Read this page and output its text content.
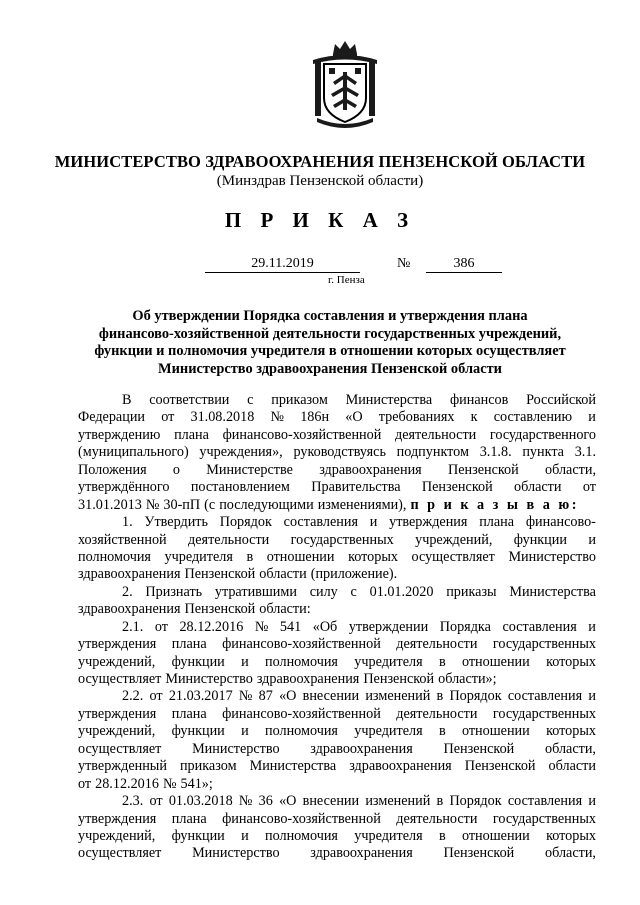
МИНИСТЕРСТВО ЗДРАВООХРАНЕНИЯ ПЕНЗЕНСКОЙ ОБЛАСТИ
(Минздрав Пензенской области)
П Р И К А З
29.11.2019	№	386
г. Пенза
Об утверждении Порядка составления и утверждения плана
финансово-хозяйственной деятельности государственных учреждений,
функции и полномочия учредителя в отношении которых осуществляет
Министерство здравоохранения Пензенской области
В соответствии с приказом Министерства финансов Российской
Федерации от 31.08.2018 № 186н «О требованиях к составлению и
утверждению плана финансово-хозяйственной деятельности государственного
(муниципального) учреждения», руководствуясь подпунктом 3.1.8. пункта 3.1.
Положения о Министерстве здравоохранения Пензенской области,
утверждённого постановлением Правительства Пензенской области от
31.01.2013 № 30-пП (с последующими изменениями), п р и к а з ы в а ю:
1. Утвердить Порядок составления и утверждения плана финансово-
хозяйственной деятельности государственных учреждений, функции и
полномочия учредителя в отношении которых осуществляет Министерство
здравоохранения Пензенской области (приложение).
2. Признать утратившими силу с 01.01.2020 приказы Министерства
здравоохранения Пензенской области:
2.1. от 28.12.2016 № 541 «Об утверждении Порядка составления и
утверждения плана финансово-хозяйственной деятельности государственных
учреждений, функции и полномочия учредителя в отношении которых
осуществляет Министерство здравоохранения Пензенской области»;
2.2. от 21.03.2017 № 87 «О внесении изменений в Порядок составления и
утверждения плана финансово-хозяйственной деятельности государственных
учреждений, функции и полномочия учредителя в отношении которых
осуществляет Министерство здравоохранения Пензенской области,
утвержденный приказом Министерства здравоохранения Пензенской области
от 28.12.2016 № 541»;
2.3. от 01.03.2018 № 36 «О внесении изменений в Порядок составления и
утверждения плана финансово-хозяйственной деятельности государственных
учреждений, функции и полномочия учредителя в отношении которых
осуществляет Министерство здравоохранения Пензенской области,
